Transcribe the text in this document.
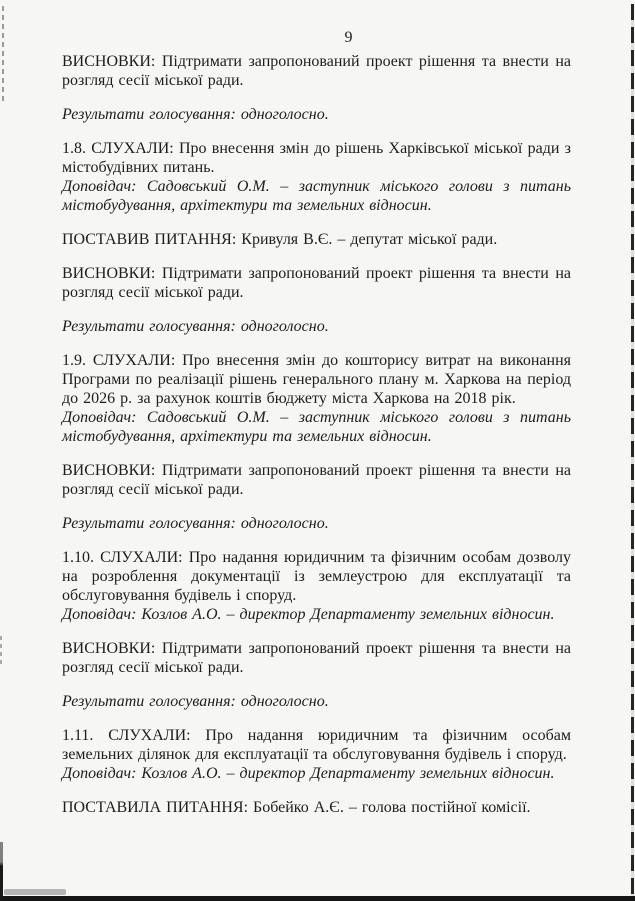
9

ВИСНОВКИ: Підтримати запропонований проект рішення та внести на розгляд сесії міської ради.

Результати голосування: одноголосно.

1.8. СЛУХАЛИ: Про внесення змін до рішень Харківської міської ради з містобудівних питань.

Доповідач: Садовський О.М. – заступник міського голови з питань містобудування, архітектури та земельних відносин.

ПОСТАВИВ ПИТАННЯ: Кривуля В.Є. – депутат міської ради.

ВИСНОВКИ: Підтримати запропонований проект рішення та внести на розгляд сесії міської ради.

Результати голосування: одноголосно.

1.9. СЛУХАЛИ: Про внесення змін до кошторису витрат на виконання Програми по реалізації рішень генерального плану м. Харкова на період до 2026 р. за рахунок коштів бюджету міста Харкова на 2018 рік.

Доповідач: Садовський О.М. – заступник міського голови з питань містобудування, архітектури та земельних відносин.

ВИСНОВКИ: Підтримати запропонований проект рішення та внести на розгляд сесії міської ради.

Результати голосування: одноголосно.

1.10. СЛУХАЛИ: Про надання юридичним та фізичним особам дозволу на розроблення документації із землеустрою для експлуатації та обслуговування будівель і споруд.

Доповідач: Козлов А.О. – директор Департаменту земельних відносин.

ВИСНОВКИ: Підтримати запропонований проект рішення та внести на розгляд сесії міської ради.

Результати голосування: одноголосно.

1.11. СЛУХАЛИ: Про надання юридичним та фізичним особам земельних ділянок для експлуатації та обслуговування будівель і споруд.

Доповідач: Козлов А.О. – директор Департаменту земельних відносин.

ПОСТАВИЛА ПИТАННЯ: Бобейко А.Є. – голова постійної комісії.
